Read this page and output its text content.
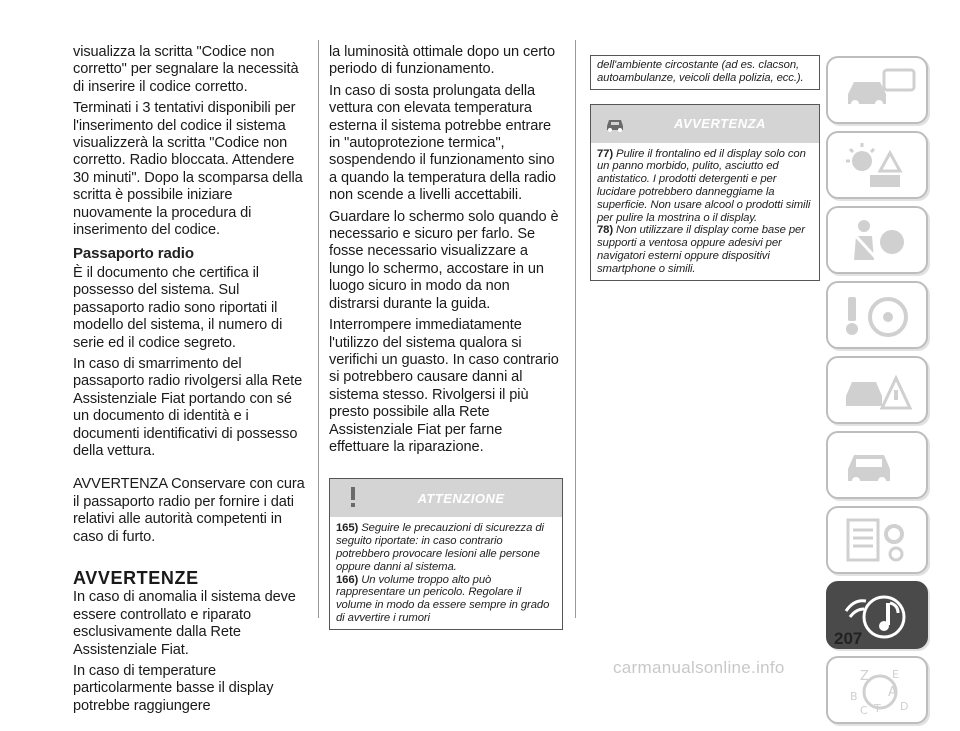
visualizza la scritta "Codice non corretto" per segnalare la necessità di inserire il codice corretto.

Terminati i 3 tentativi disponibili per l'inserimento del codice il sistema visualizzerà la scritta "Codice non corretto. Radio bloccata. Attendere 30 minuti". Dopo la scomparsa della scritta è possibile iniziare nuovamente la procedura di inserimento del codice.

Passaporto radio

È il documento che certifica il possesso del sistema. Sul passaporto radio sono riportati il modello del sistema, il numero di serie ed il codice segreto.

In caso di smarrimento del passaporto radio rivolgersi alla Rete Assistenziale Fiat portando con sé un documento di identità e i documenti identificativi di possesso della vettura.

AVVERTENZA Conservare con cura il passaporto radio per fornire i dati relativi alle autorità competenti in caso di furto.

AVVERTENZE

In caso di anomalia il sistema deve essere controllato e riparato esclusivamente dalla Rete Assistenziale Fiat.

In caso di temperature particolarmente basse il display potrebbe raggiungere

la luminosità ottimale dopo un certo periodo di funzionamento.

In caso di sosta prolungata della vettura con elevata temperatura esterna il sistema potrebbe entrare in "autoprotezione termica", sospendendo il funzionamento sino a quando la temperatura della radio non scende a livelli accettabili.

Guardare lo schermo solo quando è necessario e sicuro per farlo. Se fosse necessario visualizzare a lungo lo schermo, accostare in un luogo sicuro in modo da non distrarsi durante la guida.

Interrompere immediatamente l'utilizzo del sistema qualora si verifichi un guasto. In caso contrario si potrebbero causare danni al sistema stesso. Rivolgersi il più presto possibile alla Rete Assistenziale Fiat per farne effettuare la riparazione.

ATTENZIONE

165) Seguire le precauzioni di sicurezza di seguito riportate: in caso contrario potrebbero provocare lesioni alle persone oppure danni al sistema.

166) Un volume troppo alto può rappresentare un pericolo. Regolare il volume in modo da essere sempre in grado di avvertire i rumori

dell'ambiente circostante (ad es. clacson, autoambulanze, veicoli della polizia, ecc.).
AVVERTENZA

77) Pulire il frontalino ed il display solo con un panno morbido, pulito, asciutto ed antistatico. I prodotti detergenti e per lucidare potrebbero danneggiame la superficie. Non usare alcool o prodotti simili per pulire la mostrina o il display.

78) Non utilizzare il display come base per supporti a ventosa oppure adesivi per navigatori esterni oppure dispositivi smartphone o simili.

Z E
A
B
C T D
207
carmanualsonline.info
